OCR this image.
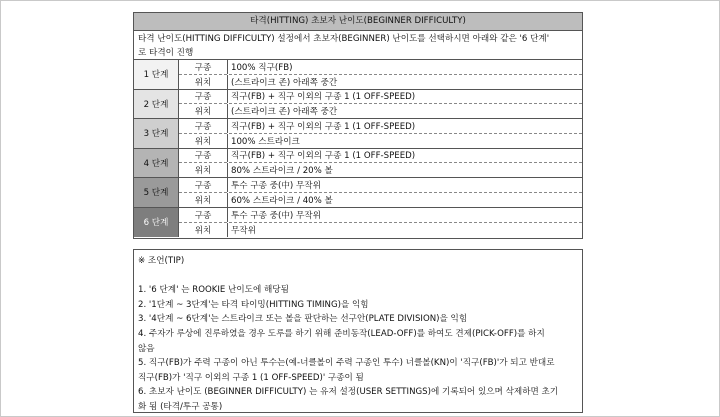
타격(HITTING) 초보자 난이도(BEGINNER DIFFICULTY)
타격 난이도(HITTING DIFFICULTY) 설정에서 초보자(BEGINNER) 난이도를 선택하시면 아래와 같은 '6 단계'
로 타격이 진행
1 단계
구종	100% 직구(FB)
위치	(스트라이크 존) 아래쪽 중간
2 단계
구종	직구(FB) + 직구 이외의 구종 1 (1 OFF-SPEED)
위치	(스트라이크 존) 아래쪽 중간
3 단계
구종	직구(FB) + 직구 이외의 구종 1 (1 OFF-SPEED)
위치	100% 스트라이크
4 단계
구종	직구(FB) + 직구 이외의 구종 1 (1 OFF-SPEED)
위치	80% 스트라이크 / 20% 볼
5 단계
구종	투수 구종 중(中) 무작위
위치	60% 스트라이크 / 40% 볼
6 단계
구종	투수 구종 중(中) 무작위
위치	무작위
※ 조언(TIP)
1. '6 단계' 는 ROOKIE 난이도에 해당됨
2. '1단계 ~ 3단계'는 타격 타이밍(HITTING TIMING)을 익힘
3. '4단계 ~ 6단계'는 스트라이크 또는 볼을 판단하는 선구안(PLATE DIVISION)을 익힘
4. 주자가 루상에 진루하였을 경우 도루를 하기 위해 준비동작(LEAD-OFF)를 하여도 견제(PICK-OFF)를 하지
않음
5. 직구(FB)가 주력 구종이 아닌 투수는(예-너클볼이 주력 구종인 투수) 너클볼(KN)이 '직구(FB)'가 되고 반대로
직구(FB)가 '직구 이외의 구종 1 (1 OFF-SPEED)' 구종이 됨
6. 초보자 난이도 (BEGINNER DIFFICULTY) 는 유저 설정(USER SETTINGS)에 기록되어 있으며 삭제하면 초기
화 됨 (타격/투구 공통)
